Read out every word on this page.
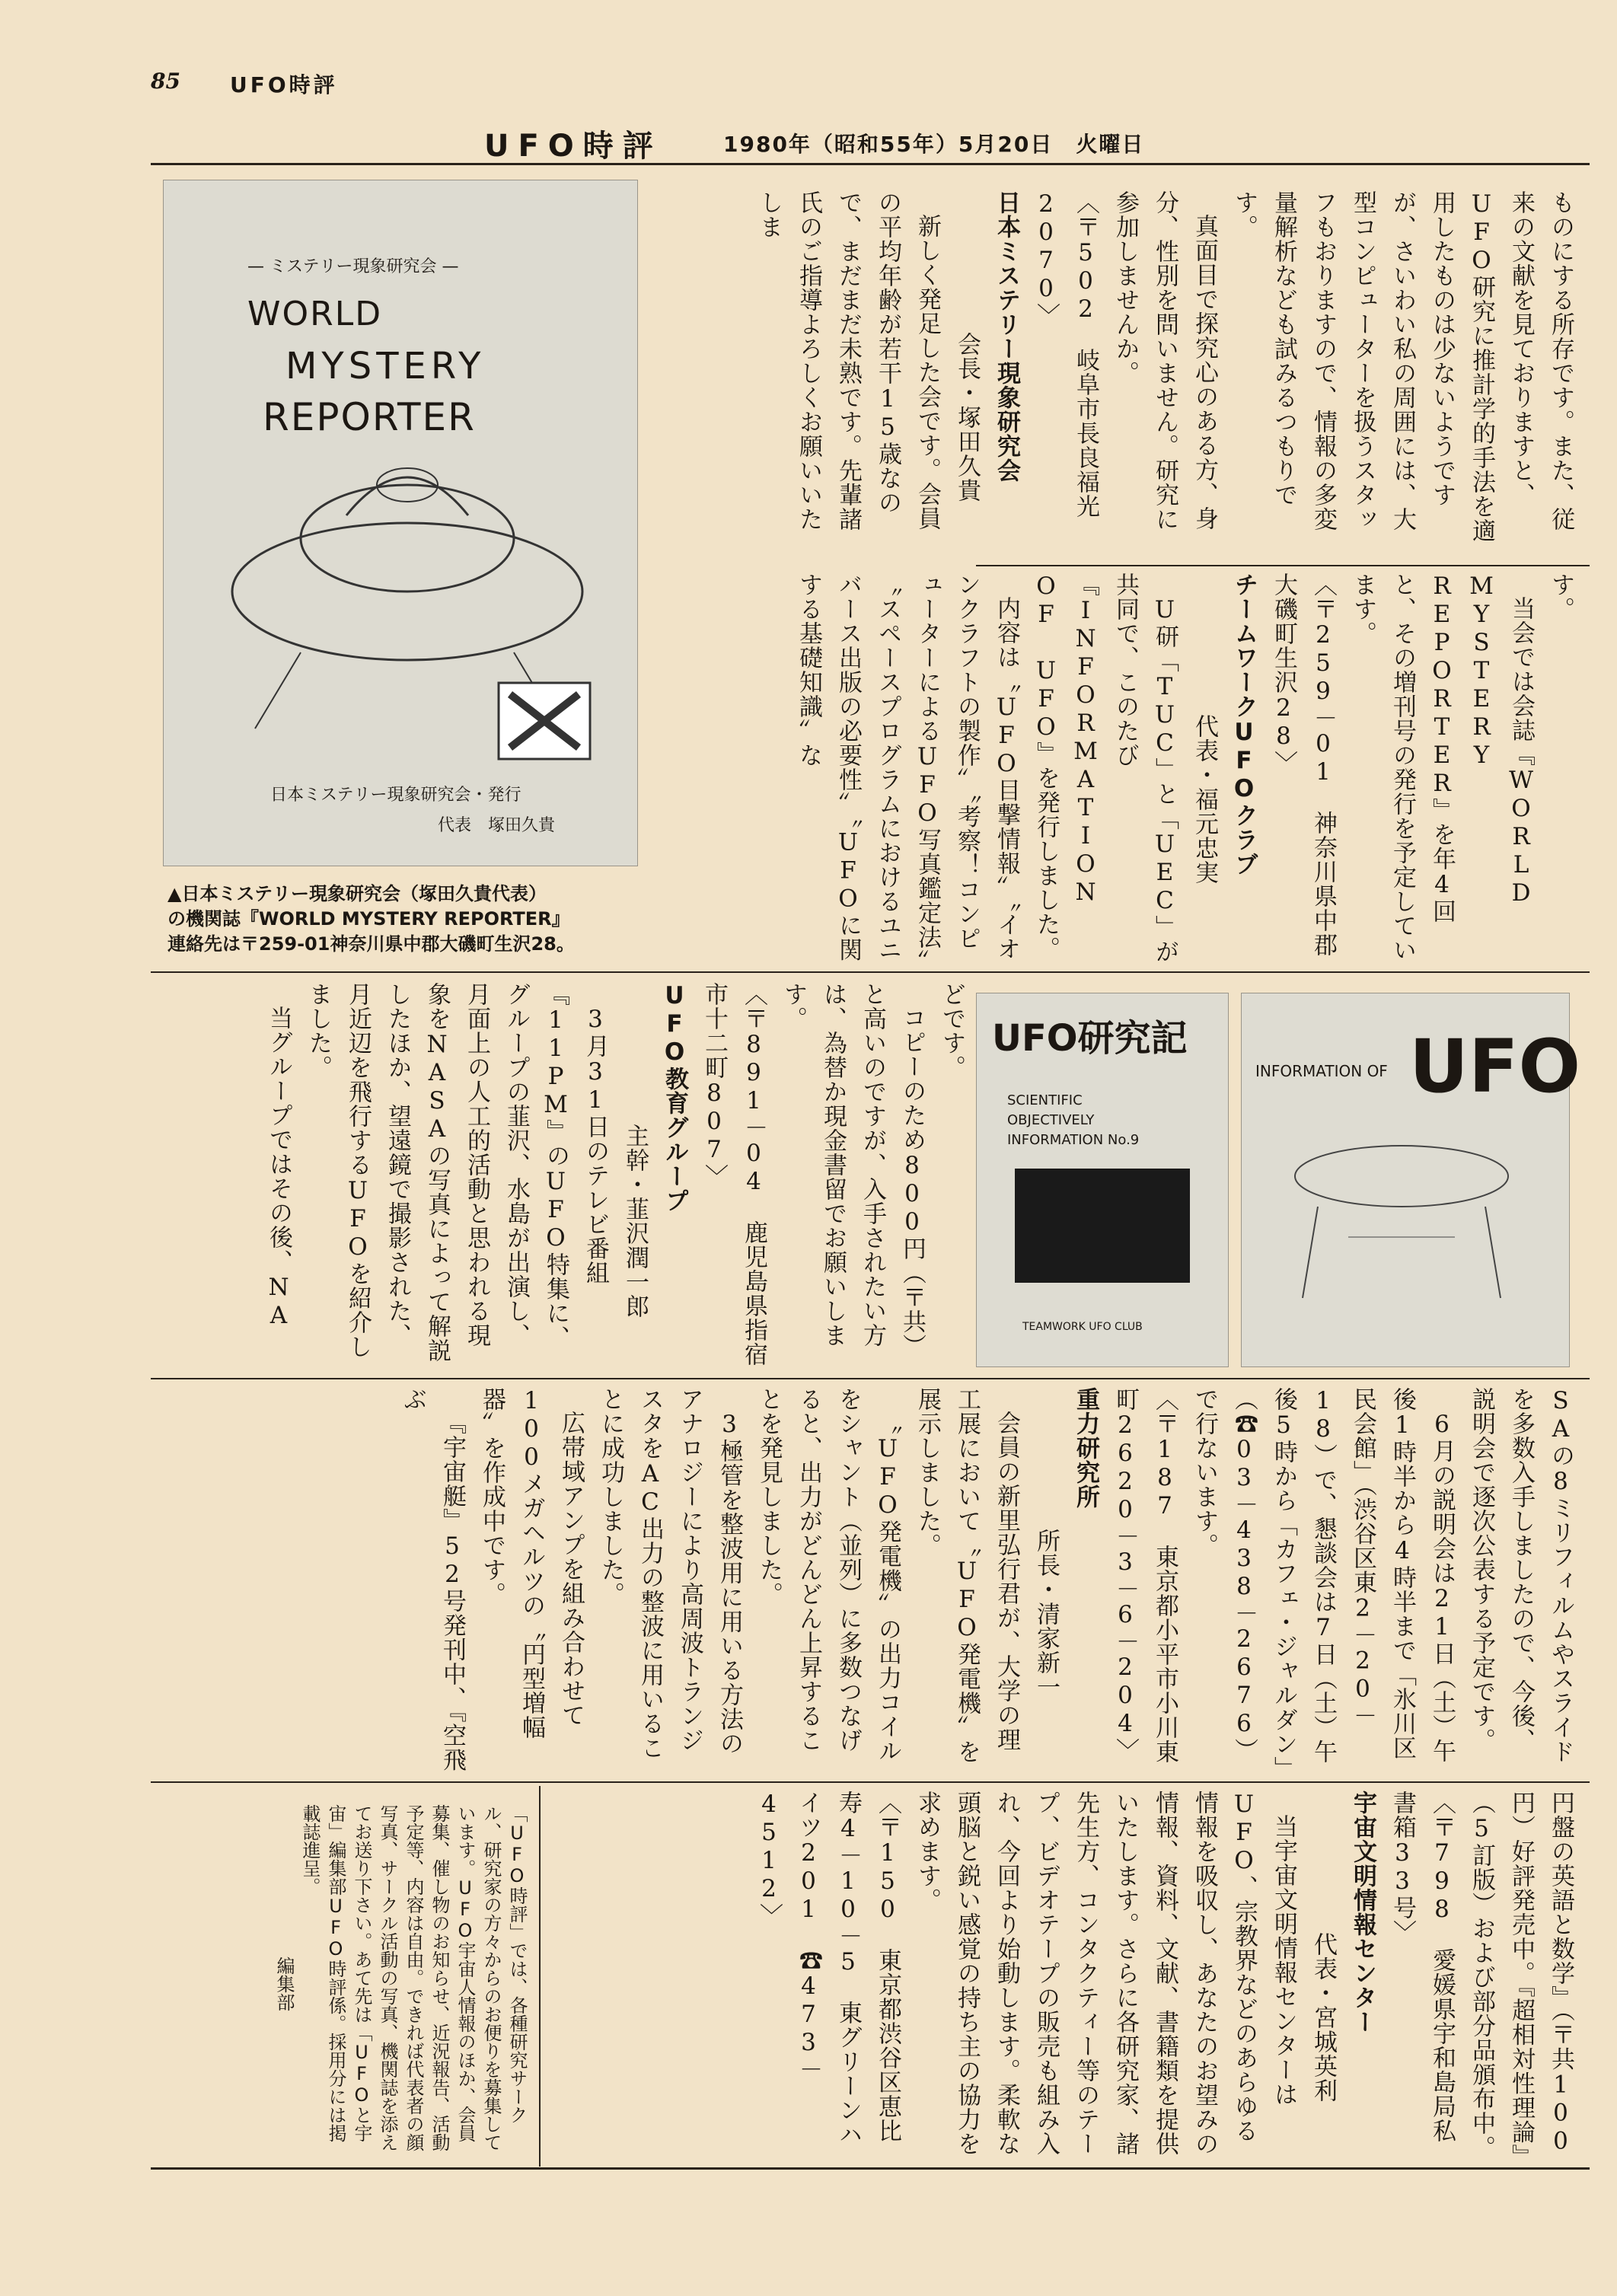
85 UFO時評
UFO時評	1980年（昭和55年）5月20日　火曜日

ものにする所存です。また、従来の文献を見ておりますと、UFO研究に推計学的手法を適用したものは少ないようですが、さいわい私の周囲には、大型コンピューターを扱うスタッフもおりますので、情報の多変量解析なども試みるつもりです。

真面目で探究心のある方、身分、性別を問いません。研究に参加しませんか。

〈〒502　岐阜市長良福光2070〉

日本ミステリー現象研究会

会長・塚田久貴

新しく発足した会です。会員の平均年齢が若干15歳なので、まだまだ未熟です。先輩諸氏のご指導よろしくお願いいたしま

す。

当会では会誌『WORLD MYSTERY REPORTER』を年4回と、その増刊号の発行を予定しています。

〈〒259－01　神奈川県中郡大磯町生沢28〉

チームワークUFOクラブ

代表・福元忠実

U研「TUC」と「UEC」が共同で、このたび『INFORMATION OF UFO』を発行しました。

内容は〝UFO目撃情報〟〝イオンクラフトの製作〟〝考察！コンピューターによるUFO写真鑑定法〟〝スペースプログラムにおけるユニバース出版の必要性〟〝UFOに関する基礎知識〟な

— ミステリー現象研究会 —
WORLD
MYSTERY
REPORTER
日本ミステリー現象研究会・発行
代表　塚田久貴
▲日本ミステリー現象研究会（塚田久貴代表）
の機関誌『WORLD MYSTERY REPORTER』
連絡先は〒259-01神奈川県中郡大磯町生沢28。

どです。

コピーのため800円（〒共）と高いのですが、入手されたい方は、為替か現金書留でお願いします。

〈〒891－04　鹿児島県指宿市十二町807〉

UFO教育グループ

主幹・韮沢潤一郎

3月31日のテレビ番組『11PM』のUFO特集に、グループの韮沢、水島が出演し、月面上の人工的活動と思われる現象をNASAの写真によって解説したほか、望遠鏡で撮影された、月近辺を飛行するUFOを紹介しました。

当グループではその後、NA	UFO研究記
SCIENTIFIC
OBJECTIVELY
INFORMATION No.9
TEAMWORK UFO CLUB
INFORMATION OF UFO

SAの8ミリフィルムやスライドを多数入手しましたので、今後、説明会で逐次公表する予定です。

6月の説明会は21日（土）午後1時半から4時半まで「氷川区民会館」（渋谷区東2－20－18）で、懇談会は7日（土）午後5時から「カフェ・ジャルダン」（☎03－438－2676）で行ないます。

〈〒187　東京都小平市小川東町2620－3－6－204〉

重力研究所

所長・清家新一

会員の新里弘行君が、大学の理工展において〝UFO発電機〟を展示しました。

〝UFO発電機〟の出力コイルをシャント（並列）に多数つなげると、出力がどんどん上昇することを発見しました。

3極管を整波用に用いる方法のアナロジーにより高周波トランジスタをAC出力の整波に用いることに成功しました。

広帯域アンプを組み合わせて100メガヘルツの〝円型増幅器〟を作成中です。

『宇宙艇』52号発刊中、『空飛ぶ

円盤の英語と数学』（〒共100円）好評発売中。『超相対性理論』（5訂版）および部分品頒布中。

〈〒798　愛媛県宇和島局私書箱33号〉

宇宙文明情報センター

代表・宮城英利

当宇宙文明情報センターはUFO、宗教界などのあらゆる情報を吸収し、あなたのお望みの情報、資料、文献、書籍類を提供いたします。さらに各研究家、諸先生方、コンタクティー等のテープ、ビデオテープの販売も組み入れ、今回より始動します。柔軟な頭脳と鋭い感覚の持ち主の協力を求めます。

〈〒150　東京都渋谷区恵比寿4－10－5　東グリーンハイツ201　☎473－4512〉

「UFO時評」では、各種研究サークル、研究家の方々からのお便りを募集しています。UFO宇宙人情報のほか、会員募集、催し物のお知らせ、近況報告、活動予定等、内容は自由。できれば代表者の顔写真、サークル活動の写真、機関誌を添えてお送り下さい。あて先は「UFOと宇宙」編集部UFO時評係。採用分には掲載誌進呈。

編集部
